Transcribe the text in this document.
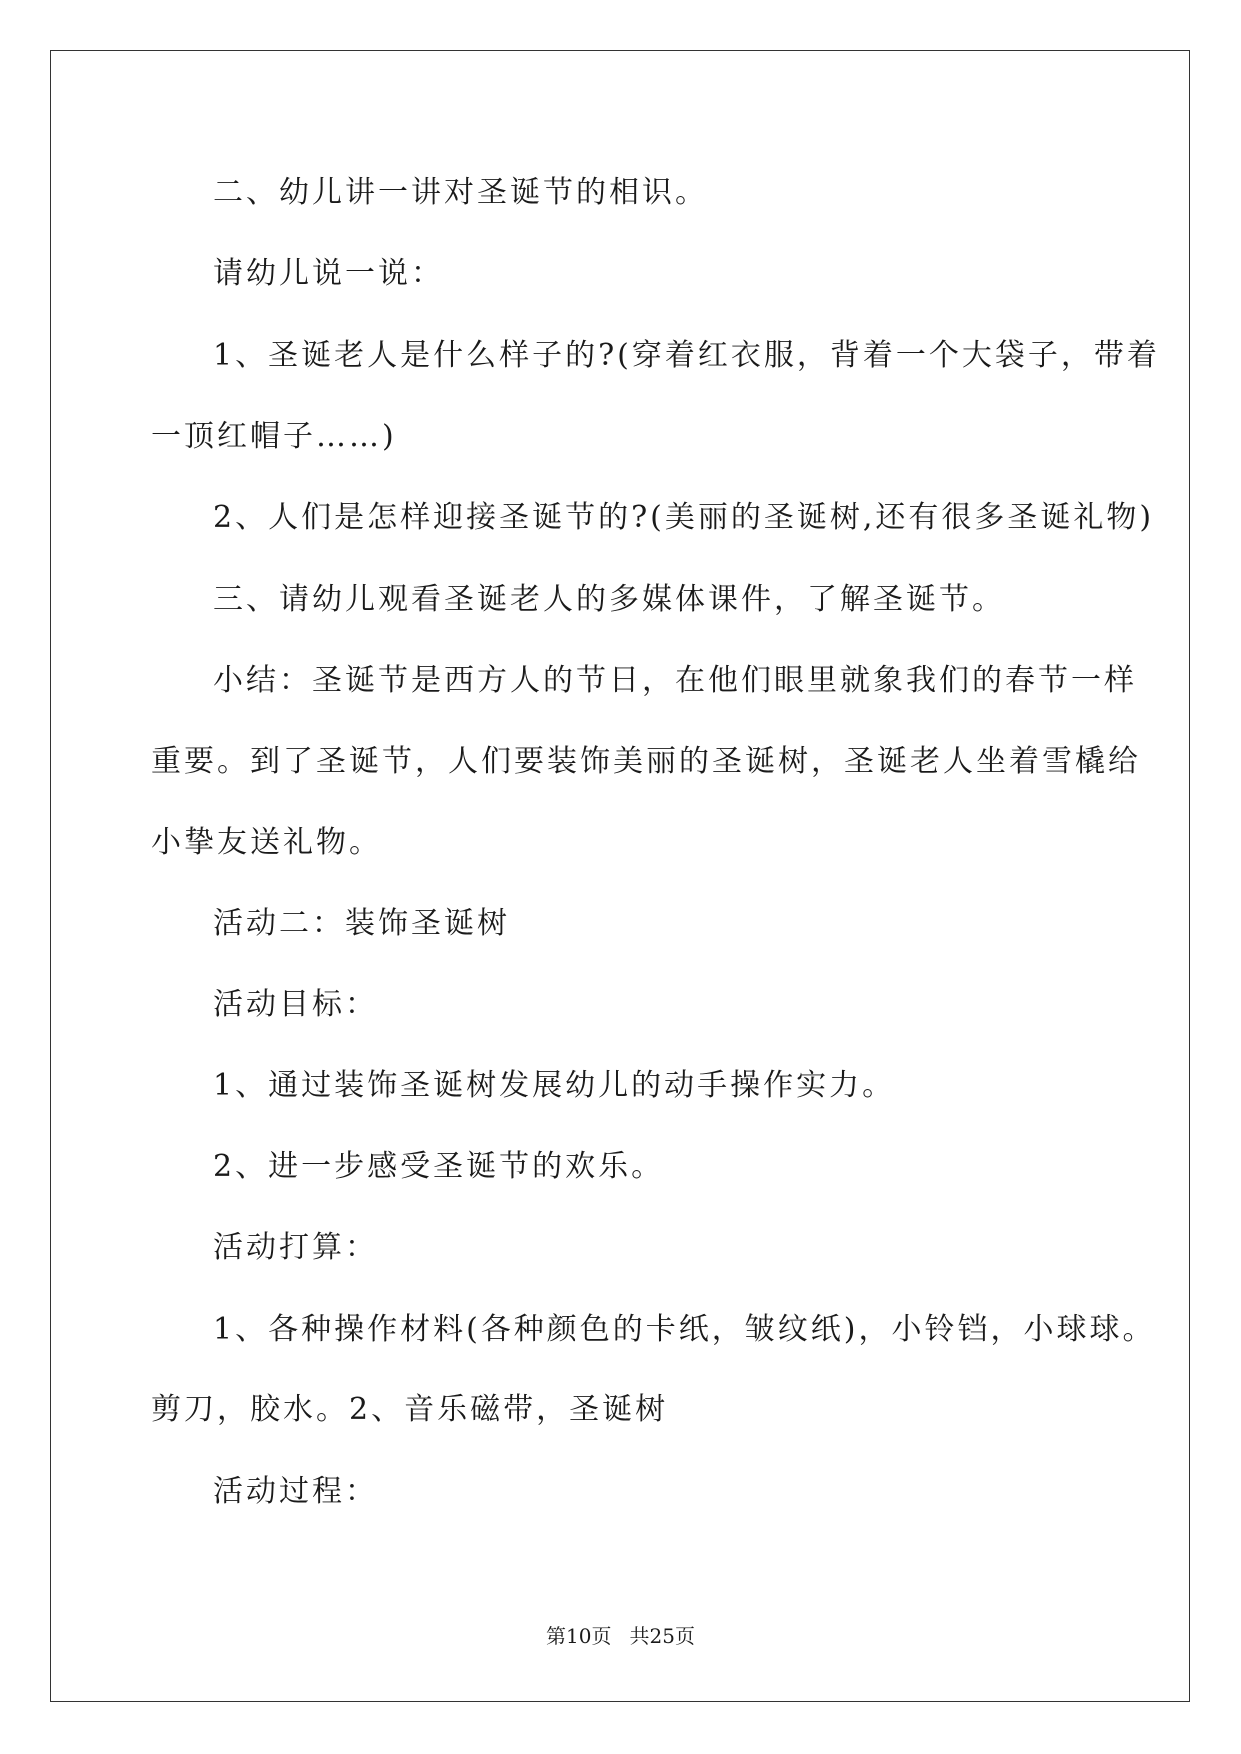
二、幼儿讲一讲对圣诞节的相识。
请幼儿说一说：
1、圣诞老人是什么样子的?(穿着红衣服，背着一个大袋子，带着
一顶红帽子……)
2、人们是怎样迎接圣诞节的?(美丽的圣诞树,还有很多圣诞礼物)
三、请幼儿观看圣诞老人的多媒体课件，了解圣诞节。
小结：圣诞节是西方人的节日，在他们眼里就象我们的春节一样
重要。到了圣诞节，人们要装饰美丽的圣诞树，圣诞老人坐着雪橇给
小挚友送礼物。
活动二：装饰圣诞树
活动目标：
1、通过装饰圣诞树发展幼儿的动手操作实力。
2、进一步感受圣诞节的欢乐。
活动打算：
1、各种操作材料(各种颜色的卡纸，皱纹纸)，小铃铛，小球球。
剪刀，胶水。2、音乐磁带，圣诞树
活动过程：
第10页 共25页
